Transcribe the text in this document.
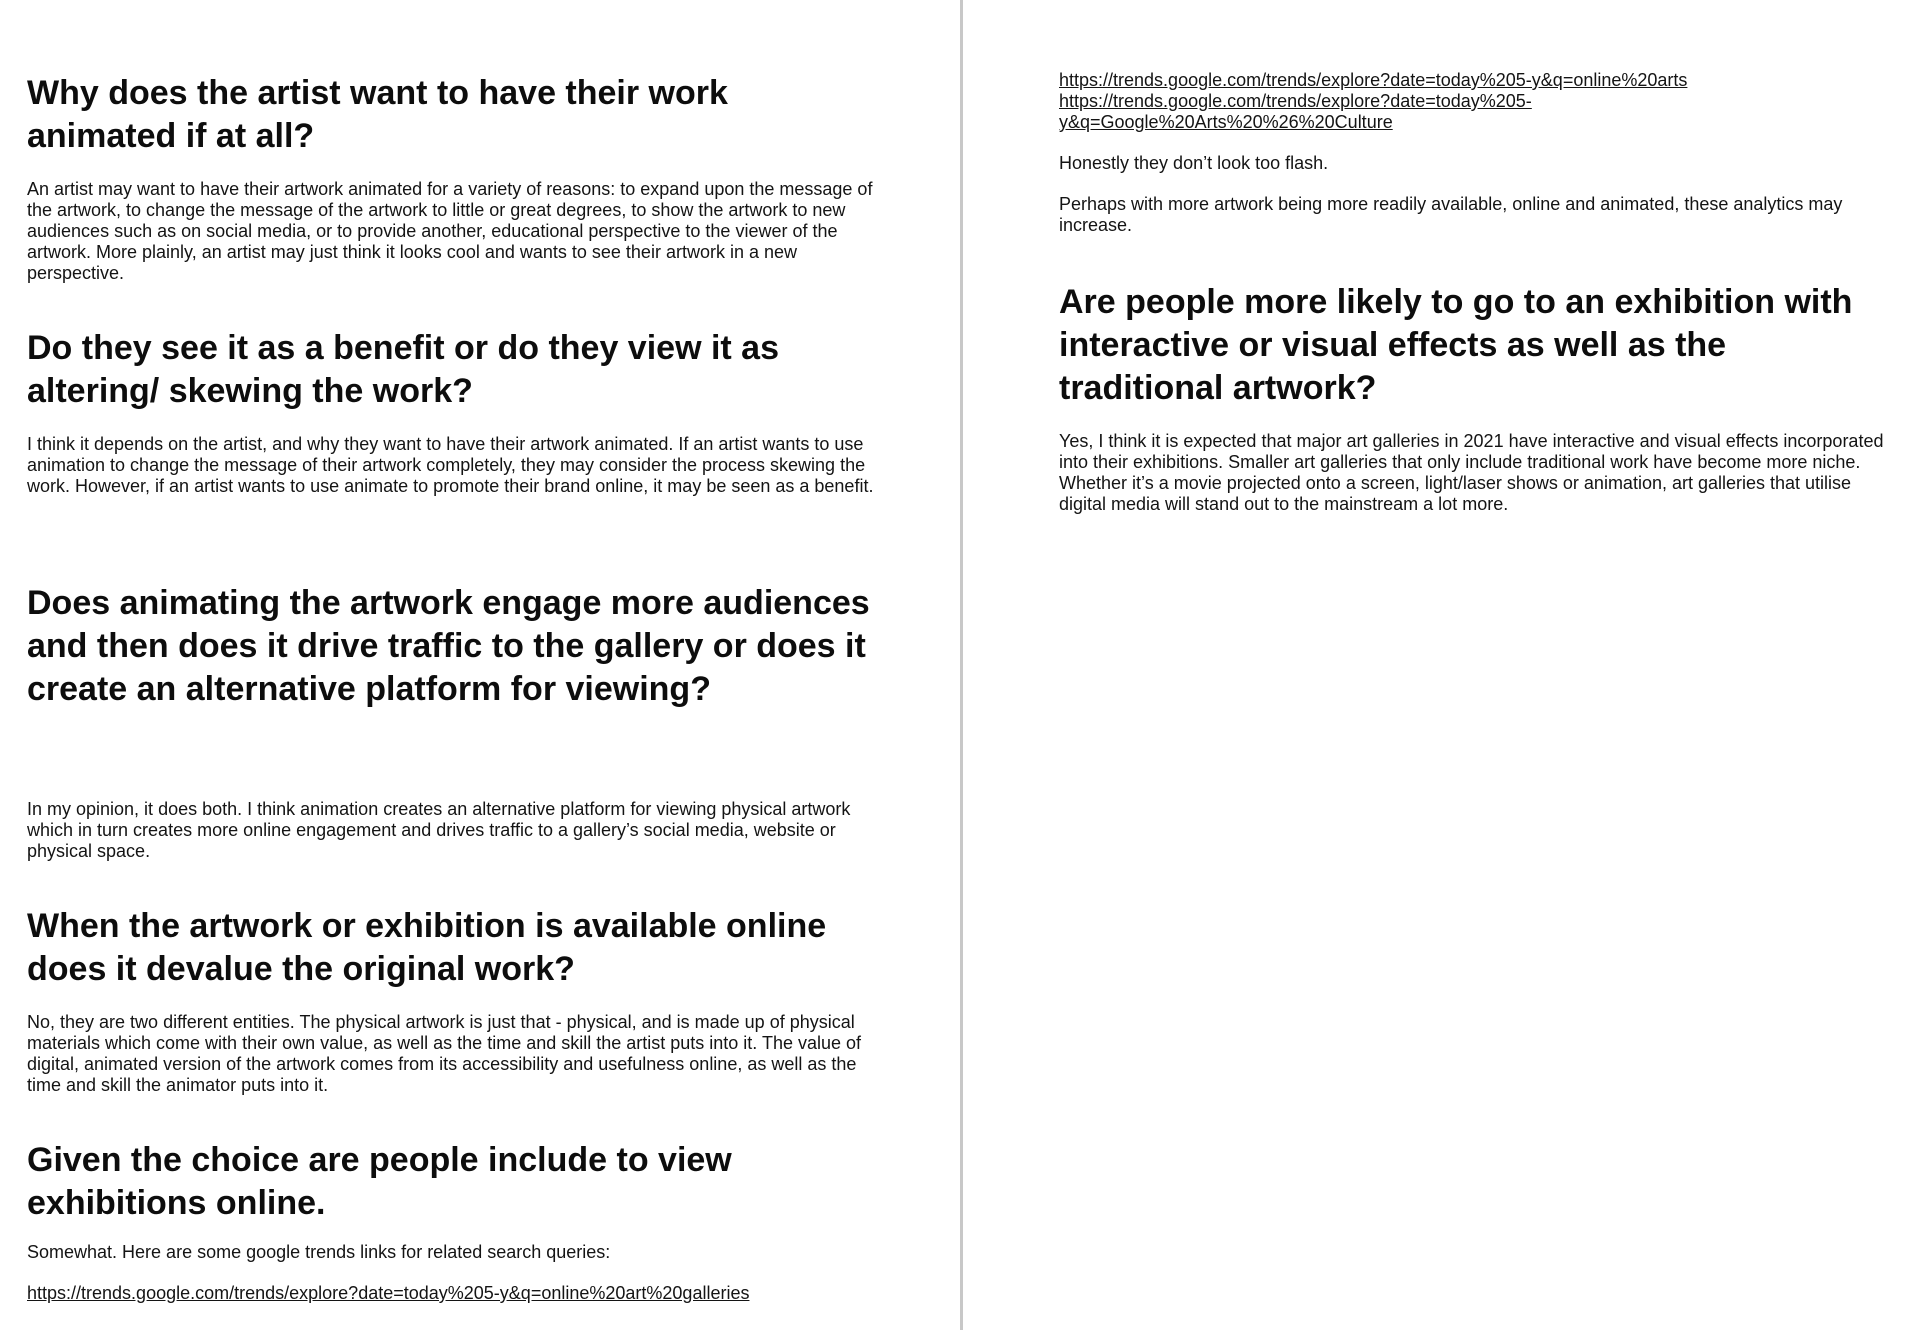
Why does the artist want to have their work animated if at all?

An artist may want to have their artwork animated for a variety of reasons: to expand upon the message of the artwork, to change the message of the artwork to little or great degrees, to show the artwork to new audiences such as on social media, or to provide another, educational perspective to the viewer of the artwork. More plainly, an artist may just think it looks cool and wants to see their artwork in a new perspective.

Do they see it as a benefit or do they view it as altering/ skewing the work?

I think it depends on the artist, and why they want to have their artwork animated. If an artist wants to use animation to change the message of their artwork completely, they may consider the process skewing the work. However, if an artist wants to use animate to promote their brand online, it may be seen as a benefit.

Does animating the artwork engage more audiences and then does it drive traffic to the gallery or does it create an alternative platform for viewing?

In my opinion, it does both. I think animation creates an alternative platform for viewing physical artwork which in turn creates more online engagement and drives traffic to a gallery’s social media, website or physical space.

When the artwork or exhibition is available online does it devalue the original work?

No, they are two different entities. The physical artwork is just that - physical, and is made up of physical materials which come with their own value, as well as the time and skill the artist puts into it. The value of digital, animated version of the artwork comes from its accessibility and usefulness online, as well as the time and skill the animator puts into it.

Given the choice are people include to view exhibitions online.

Somewhat. Here are some google trends links for related search queries:

https://trends.google.com/trends/explore?date=today%205-y&q=online%20art%20galleries
https://trends.google.com/trends/explore?date=today%205-y&q=online%20arts
https://trends.google.com/trends/explore?date=today%205-
y&q=Google%20Arts%20%26%20Culture

Honestly they don’t look too flash.

Perhaps with more artwork being more readily available, online and animated, these analytics may increase.

Are people more likely to go to an exhibition with interactive or visual effects as well as the traditional artwork?

Yes, I think it is expected that major art galleries in 2021 have interactive and visual effects incorporated into their exhibitions. Smaller art galleries that only include traditional work have become more niche. Whether it’s a movie projected onto a screen, light/laser shows or animation, art galleries that utilise digital media will stand out to the mainstream a lot more.
